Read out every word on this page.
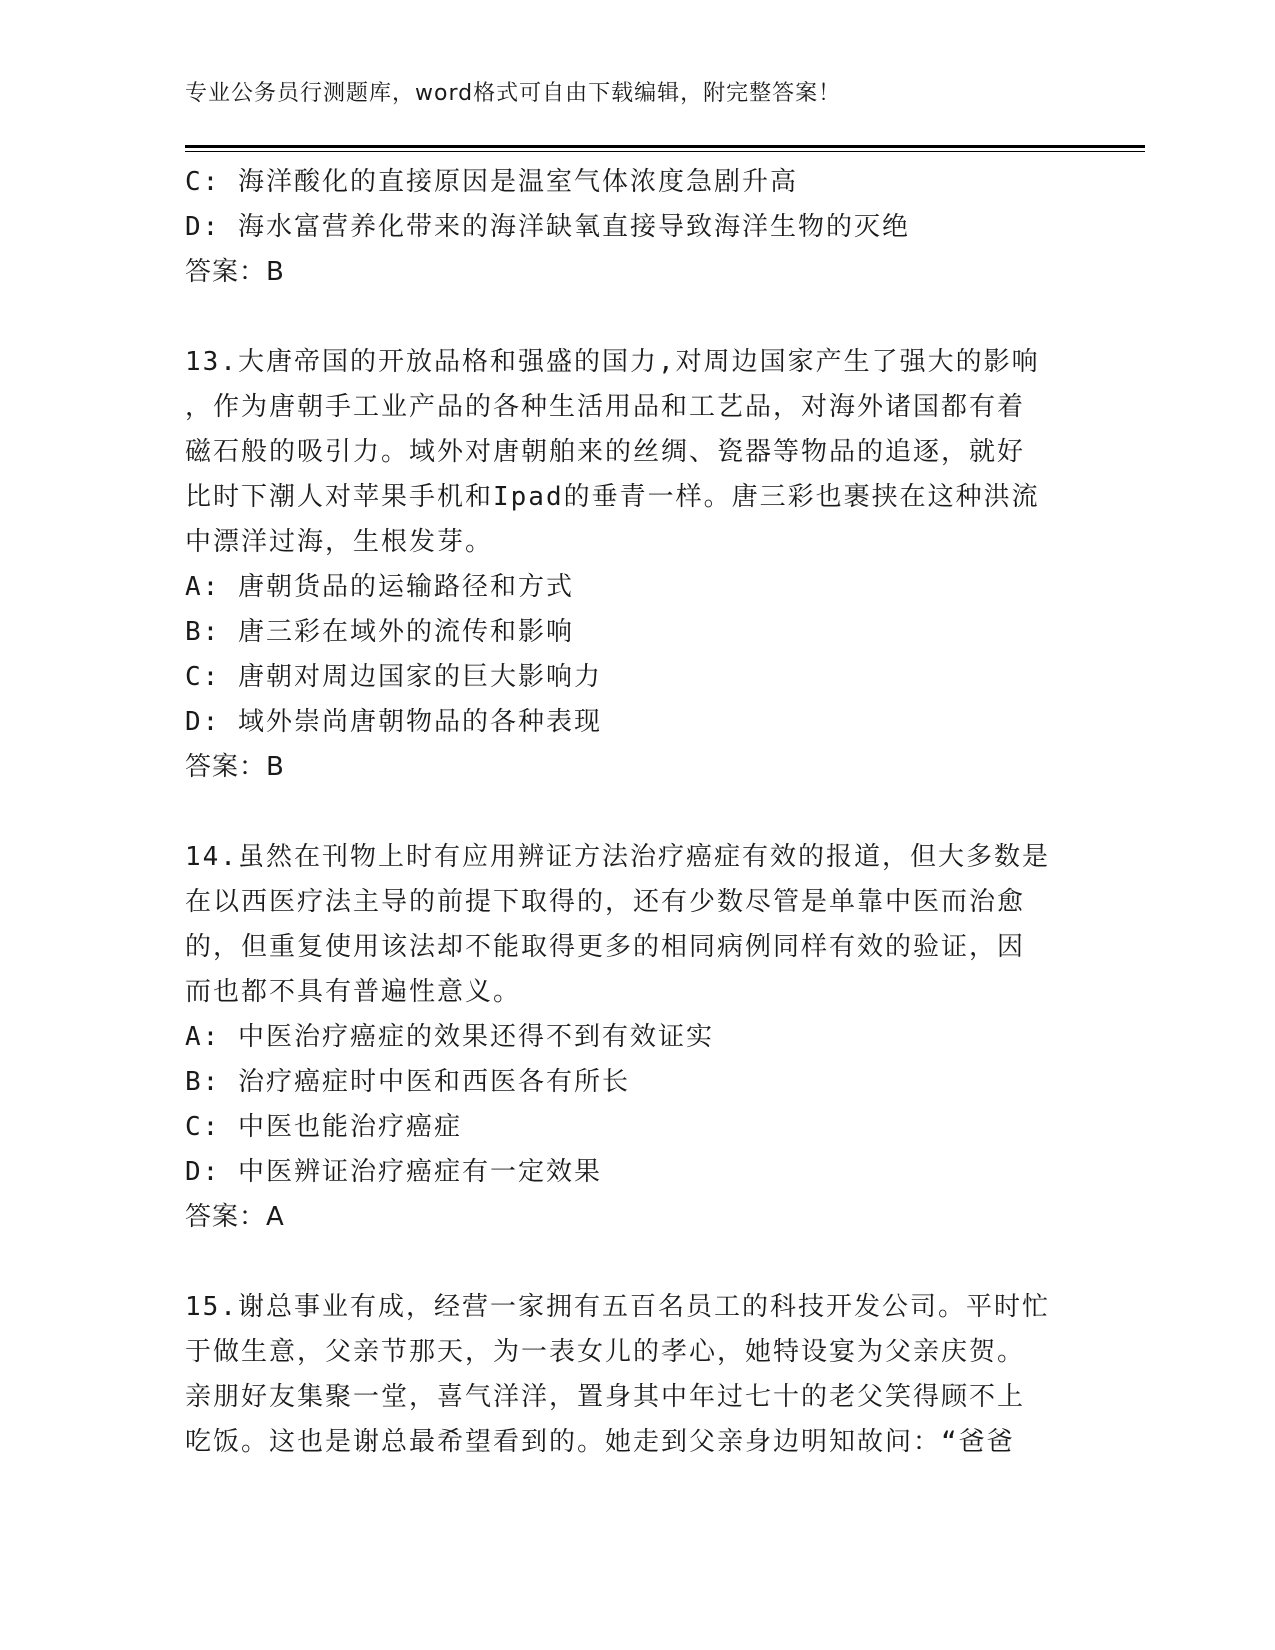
专业公务员行测题库，word格式可自由下载编辑，附完整答案！
C: 海洋酸化的直接原因是温室气体浓度急剧升高
D: 海水富营养化带来的海洋缺氧直接导致海洋生物的灭绝
答案：B
13.大唐帝国的开放品格和强盛的国力,对周边国家产生了强大的影响
，作为唐朝手工业产品的各种生活用品和工艺品，对海外诸国都有着
磁石般的吸引力。域外对唐朝舶来的丝绸、瓷器等物品的追逐，就好
比时下潮人对苹果手机和Ipad的垂青一样。唐三彩也裹挟在这种洪流
中漂洋过海，生根发芽。
A: 唐朝货品的运输路径和方式
B: 唐三彩在域外的流传和影响
C: 唐朝对周边国家的巨大影响力
D: 域外崇尚唐朝物品的各种表现
答案：B
14.虽然在刊物上时有应用辨证方法治疗癌症有效的报道，但大多数是
在以西医疗法主导的前提下取得的，还有少数尽管是单靠中医而治愈
的，但重复使用该法却不能取得更多的相同病例同样有效的验证，因
而也都不具有普遍性意义。
A: 中医治疗癌症的效果还得不到有效证实
B: 治疗癌症时中医和西医各有所长
C: 中医也能治疗癌症
D: 中医辨证治疗癌症有一定效果
答案：A
15.谢总事业有成，经营一家拥有五百名员工的科技开发公司。平时忙
于做生意，父亲节那天，为一表女儿的孝心，她特设宴为父亲庆贺。
亲朋好友集聚一堂，喜气洋洋，置身其中年过七十的老父笑得顾不上
吃饭。这也是谢总最希望看到的。她走到父亲身边明知故问：“爸爸
